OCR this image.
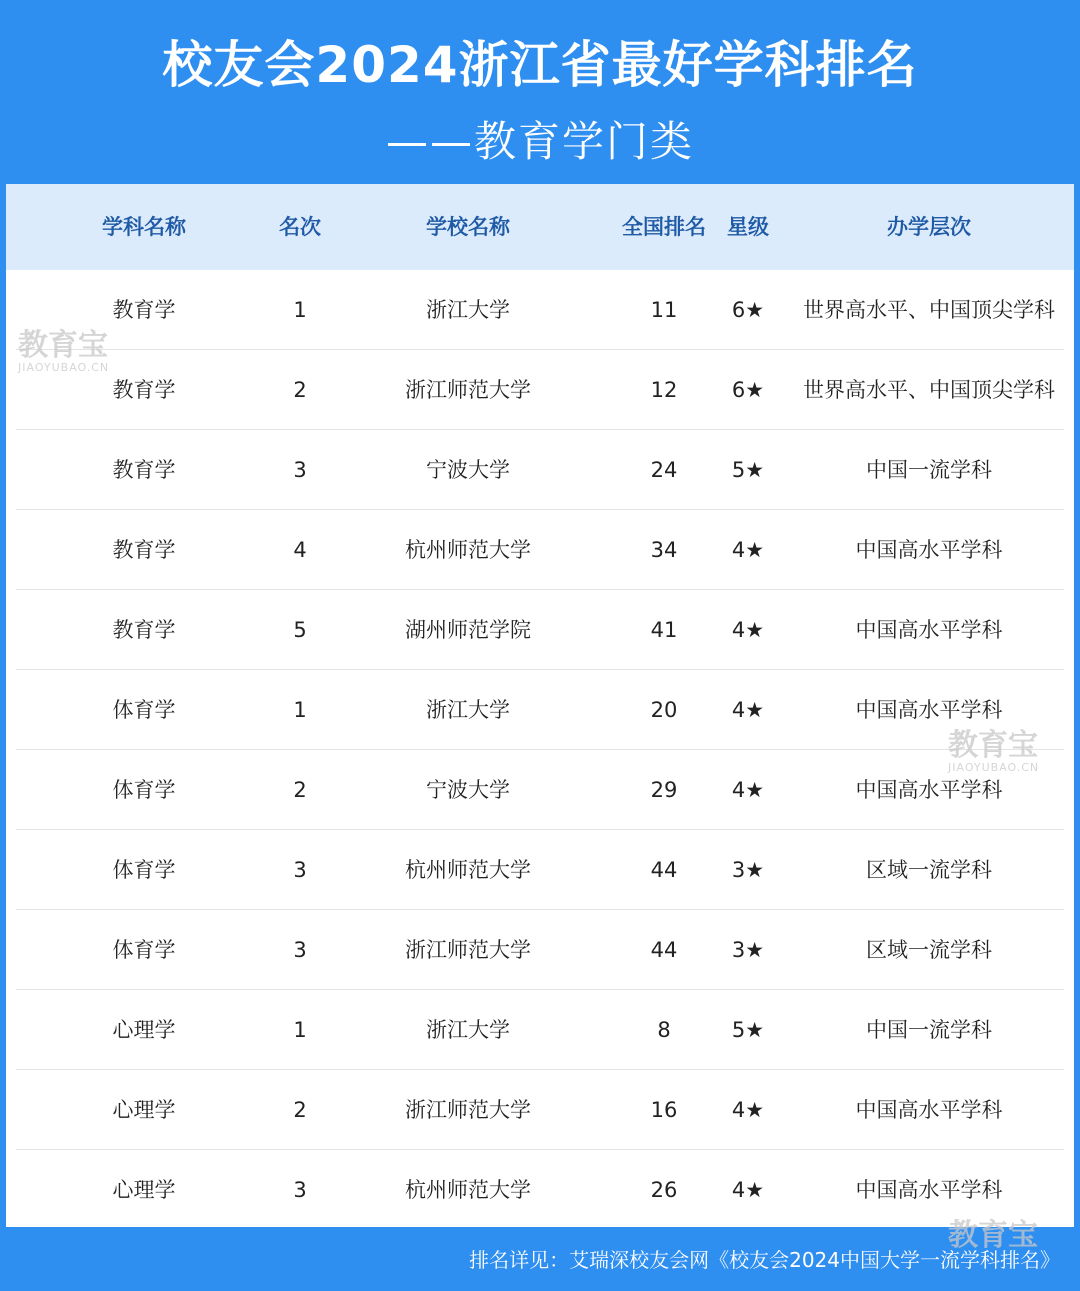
校友会2024浙江省最好学科排名
——教育学门类
学科名称	名次	学校名称	全国排名	星级	办学层次
教育学	1	浙江大学	11	6★	世界高水平、中国顶尖学科
教育学	2	浙江师范大学	12	6★	世界高水平、中国顶尖学科
教育学	3	宁波大学	24	5★	中国一流学科
教育学	4	杭州师范大学	34	4★	中国高水平学科
教育学	5	湖州师范学院	41	4★	中国高水平学科
体育学	1	浙江大学	20	4★	中国高水平学科
体育学	2	宁波大学	29	4★	中国高水平学科
体育学	3	杭州师范大学	44	3★	区域一流学科
体育学	3	浙江师范大学	44	3★	区域一流学科
心理学	1	浙江大学	8	5★	中国一流学科
心理学	2	浙江师范大学	16	4★	中国高水平学科
心理学	3	杭州师范大学	26	4★	中国高水平学科
排名详见：艾瑞深校友会网《校友会2024中国大学一流学科排名》
教育宝
JIAOYUBAO.CN
教育宝
JIAOYUBAO.CN
教育宝
